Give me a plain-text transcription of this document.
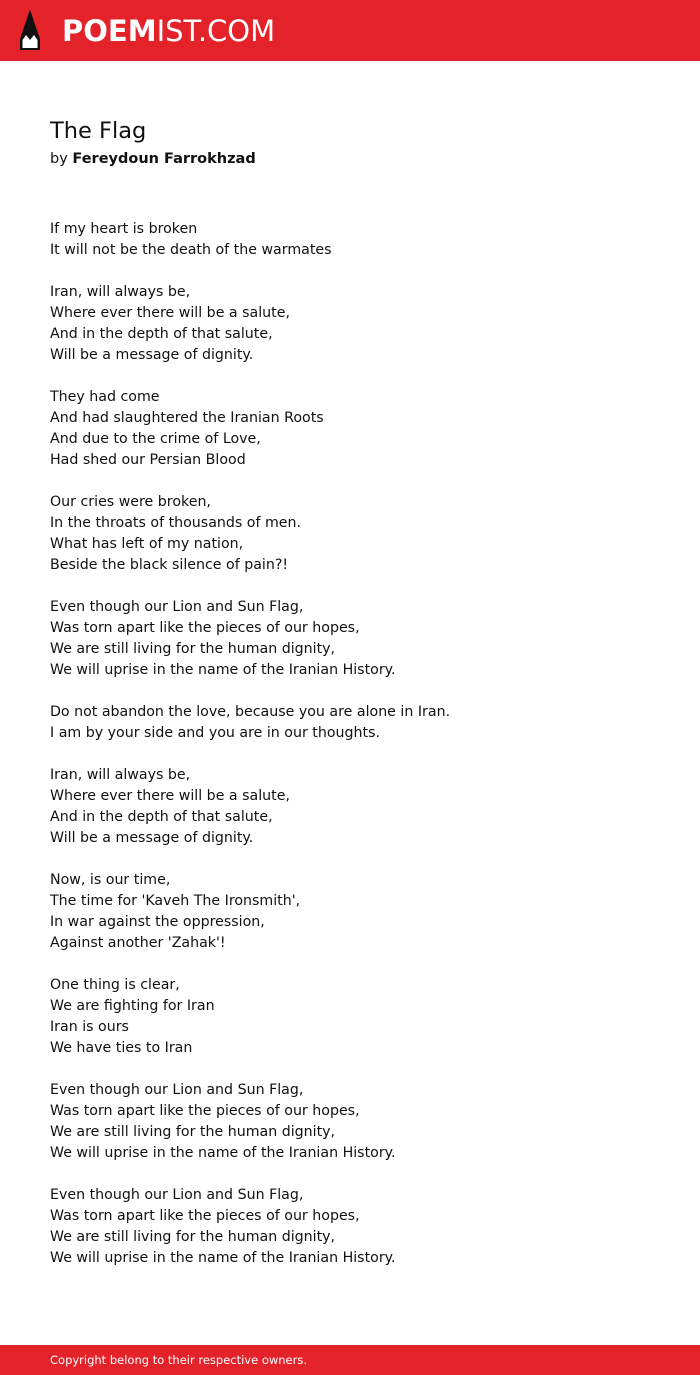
POEMIST.COM
The Flag
by Fereydoun Farrokhzad
If my heart is broken
It will not be the death of the warmates
Iran, will always be,
Where ever there will be a salute,
And in the depth of that salute,
Will be a message of dignity.
They had come
And had slaughtered the Iranian Roots
And due to the crime of Love,
Had shed our Persian Blood
Our cries were broken,
In the throats of thousands of men.
What has left of my nation,
Beside the black silence of pain?!
Even though our Lion and Sun Flag,
Was torn apart like the pieces of our hopes,
We are still living for the human dignity,
We will uprise in the name of the Iranian History.
Do not abandon the love, because you are alone in Iran.
I am by your side and you are in our thoughts.
Iran, will always be,
Where ever there will be a salute,
And in the depth of that salute,
Will be a message of dignity.
Now, is our time,
The time for 'Kaveh The Ironsmith',
In war against the oppression,
Against another 'Zahak'!
One thing is clear,
We are fighting for Iran
Iran is ours
We have ties to Iran
Even though our Lion and Sun Flag,
Was torn apart like the pieces of our hopes,
We are still living for the human dignity,
We will uprise in the name of the Iranian History.
Even though our Lion and Sun Flag,
Was torn apart like the pieces of our hopes,
We are still living for the human dignity,
We will uprise in the name of the Iranian History.
Copyright belong to their respective owners.
